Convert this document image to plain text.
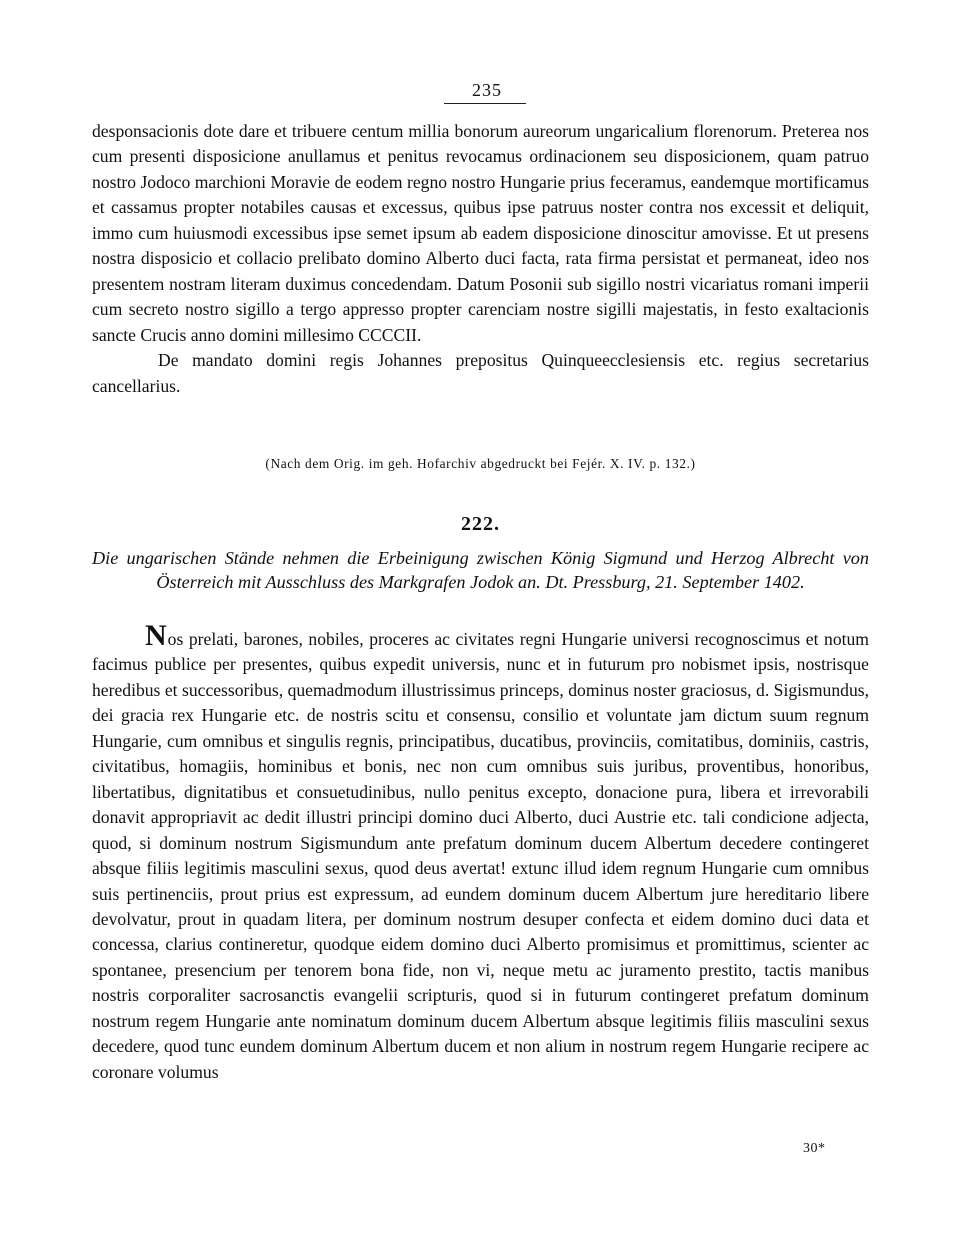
235

desponsacionis dote dare et tribuere centum millia bonorum aureorum ungaricalium florenorum. Preterea nos cum presenti disposicione anullamus et penitus revocamus ordinacionem seu disposicionem, quam patruo nostro Jodoco marchioni Moravie de eodem regno nostro Hungarie prius feceramus, eandemque mortificamus et cassamus propter notabiles causas et excessus, quibus ipse patruus noster contra nos excessit et deliquit, immo cum huiusmodi excessibus ipse semet ipsum ab eadem disposicione dinoscitur amovisse. Et ut presens nostra disposicio et collacio prelibato domino Alberto duci facta, rata firma persistat et permaneat, ideo nos presentem nostram literam duximus concedendam. Datum Posonii sub sigillo nostri vicariatus romani imperii cum secreto nostro sigillo a tergo appresso propter carenciam nostre sigilli majestatis, in festo exaltacionis sancte Crucis anno domini millesimo CCCCII.

De mandato domini regis Johannes prepositus Quinqueecclesiensis etc. regius secretarius cancellarius.

(Nach dem Orig. im geh. Hofarchiv abgedruckt bei Fejér. X. IV. p. 132.)
222.
Die ungarischen Stände nehmen die Erbeinigung zwischen König Sigmund und Herzog Albrecht von Österreich mit Ausschluss des Markgrafen Jodok an. Dt. Pressburg, 21. September 1402.

Nos prelati, barones, nobiles, proceres ac civitates regni Hungarie universi recognoscimus et notum facimus publice per presentes, quibus expedit universis, nunc et in futurum pro nobismet ipsis, nostrisque heredibus et successoribus, quemadmodum illustrissimus princeps, dominus noster graciosus, d. Sigismundus, dei gracia rex Hungarie etc. de nostris scitu et consensu, consilio et voluntate jam dictum suum regnum Hungarie, cum omnibus et singulis regnis, principatibus, ducatibus, provinciis, comitatibus, dominiis, castris, civitatibus, homagiis, hominibus et bonis, nec non cum omnibus suis juribus, proventibus, honoribus, libertatibus, dignitatibus et consuetudinibus, nullo penitus excepto, donacione pura, libera et irrevorabili donavit appropriavit ac dedit illustri principi domino duci Alberto, duci Austrie etc. tali condicione adjecta, quod, si dominum nostrum Sigismundum ante prefatum dominum ducem Albertum decedere contingeret absque filiis legitimis masculini sexus, quod deus avertat! extunc illud idem regnum Hungarie cum omnibus suis pertinenciis, prout prius est expressum, ad eundem dominum ducem Albertum jure hereditario libere devolvatur, prout in quadam litera, per dominum nostrum desuper confecta et eidem domino duci data et concessa, clarius contineretur, quodque eidem domino duci Alberto promisimus et promittimus, scienter ac spontanee, presencium per tenorem bona fide, non vi, neque metu ac juramento prestito, tactis manibus nostris corporaliter sacrosanctis evangelii scripturis, quod si in futurum contingeret prefatum dominum nostrum regem Hungarie ante nominatum dominum ducem Albertum absque legitimis filiis masculini sexus decedere, quod tunc eundem dominum Albertum ducem et non alium in nostrum regem Hungarie recipere ac coronare volumus

30*
